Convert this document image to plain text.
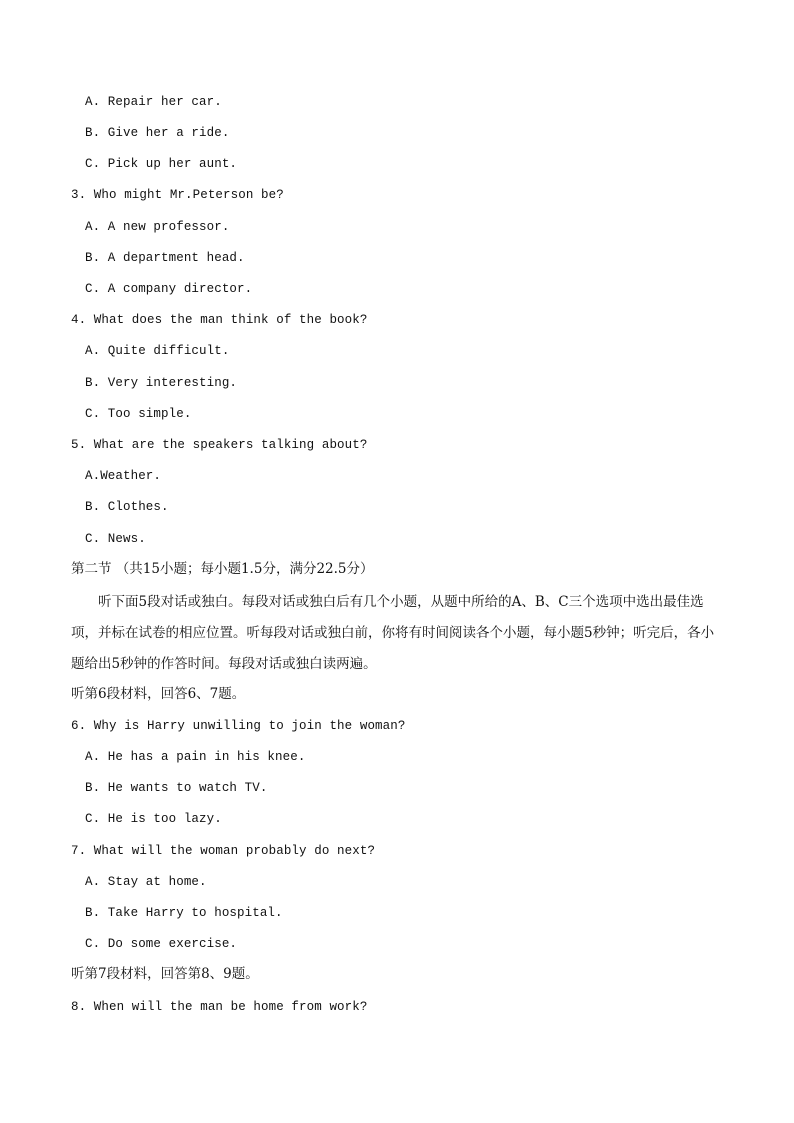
A. Repair her car.
B. Give her a ride.
C. Pick up her aunt.
3. Who might Mr.Peterson be?
A. A new professor.
B. A department head.
C. A company director.
4. What does the man think of the book?
A. Quite difficult.
B. Very interesting.
C. Too simple.
5. What are the speakers talking about?
A.Weather.
B. Clothes.
C. News.
第二节 （共15小题；每小题1.5分，满分22.5分）
听下面5段对话或独白。每段对话或独白后有几个小题，从题中所给的A、B、C三个选项中选出最佳选项，并标在试卷的相应位置。听每段对话或独白前，你将有时间阅读各个小题，每小题5秒钟；听完后，各小题给出5秒钟的作答时间。每段对话或独白读两遍。
听第6段材料，回答6、7题。
6. Why is Harry unwilling to join the woman?
A. He has a pain in his knee.
B. He wants to watch TV.
C. He is too lazy.
7. What will the woman probably do next?
A. Stay at home.
B. Take Harry to hospital.
C. Do some exercise.
听第7段材料，回答第8、9题。
8. When will the man be home from work?
